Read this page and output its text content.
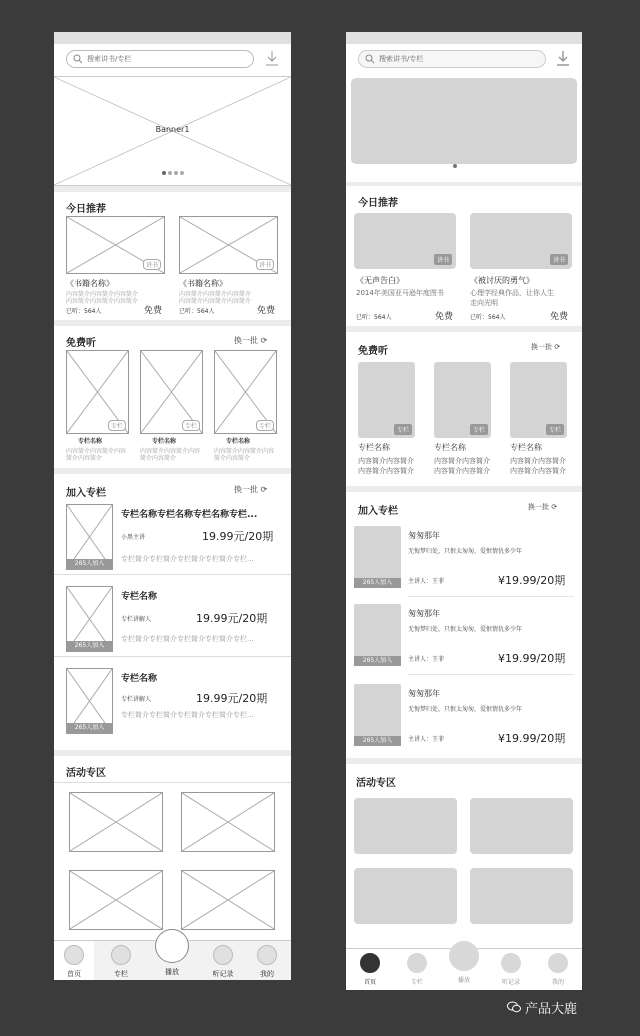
搜索讲书/专栏
Banner1
今日推荐
讲书
《书籍名称》
内容简介内容简介内容简介
内容简介内容简介内容简介
已听：564人	免费
讲书
《书籍名称》
内容简介内容简介内容简介
内容简介内容简介内容简介
已听：564人	免费
免费听	换一批 ⟳
专栏
专栏名称
内容简介内容简介内容
简介内容简介
专栏
专栏名称
内容简介内容简介内容
简介内容简介
专栏
专栏名称
内容简介内容简介内容
简介内容简介
加入专栏	换一批 ⟳
265人加入
专栏名称专栏名称专栏名称专栏...
小黑主讲	19.99元/20期
专栏简介专栏简介专栏简介专栏简介专栏...
265人加入
专栏名称
专栏讲解人	19.99元/20期
专栏简介专栏简介专栏简介专栏简介专栏...
265人加入
专栏名称
专栏讲解人	19.99元/20期
专栏简介专栏简介专栏简介专栏简介专栏...
活动专区
首页	专栏	播放	听记录	我的
搜索讲书/专栏
今日推荐
讲书
《无声告白》
2014年美国亚马逊年度图书
已听：564人	免费
讲书
《被讨厌的勇气》
心理学经典作品，让你人生
走向光明
已听：564人	免费
免费听	换一批 ⟳
专栏
专栏名称
内容简介内容简介
内容简介内容简介
专栏
专栏名称
内容简介内容简介
内容简介内容简介
专栏
专栏名称
内容简介内容简介
内容简介内容简介
加入专栏	换一批 ⟳
265人加入
匆匆那年
无悔梦归处，只恨太匆匆，爱恨情仇多少年
主讲人：王菲	¥19.99/20期
265人加入
匆匆那年
无悔梦归处，只恨太匆匆，爱恨情仇多少年
主讲人：王菲	¥19.99/20期
265人加入
匆匆那年
无悔梦归处，只恨太匆匆，爱恨情仇多少年
主讲人：王菲	¥19.99/20期
活动专区
首页	专栏	播放	听记录	我的
产品大鹿
